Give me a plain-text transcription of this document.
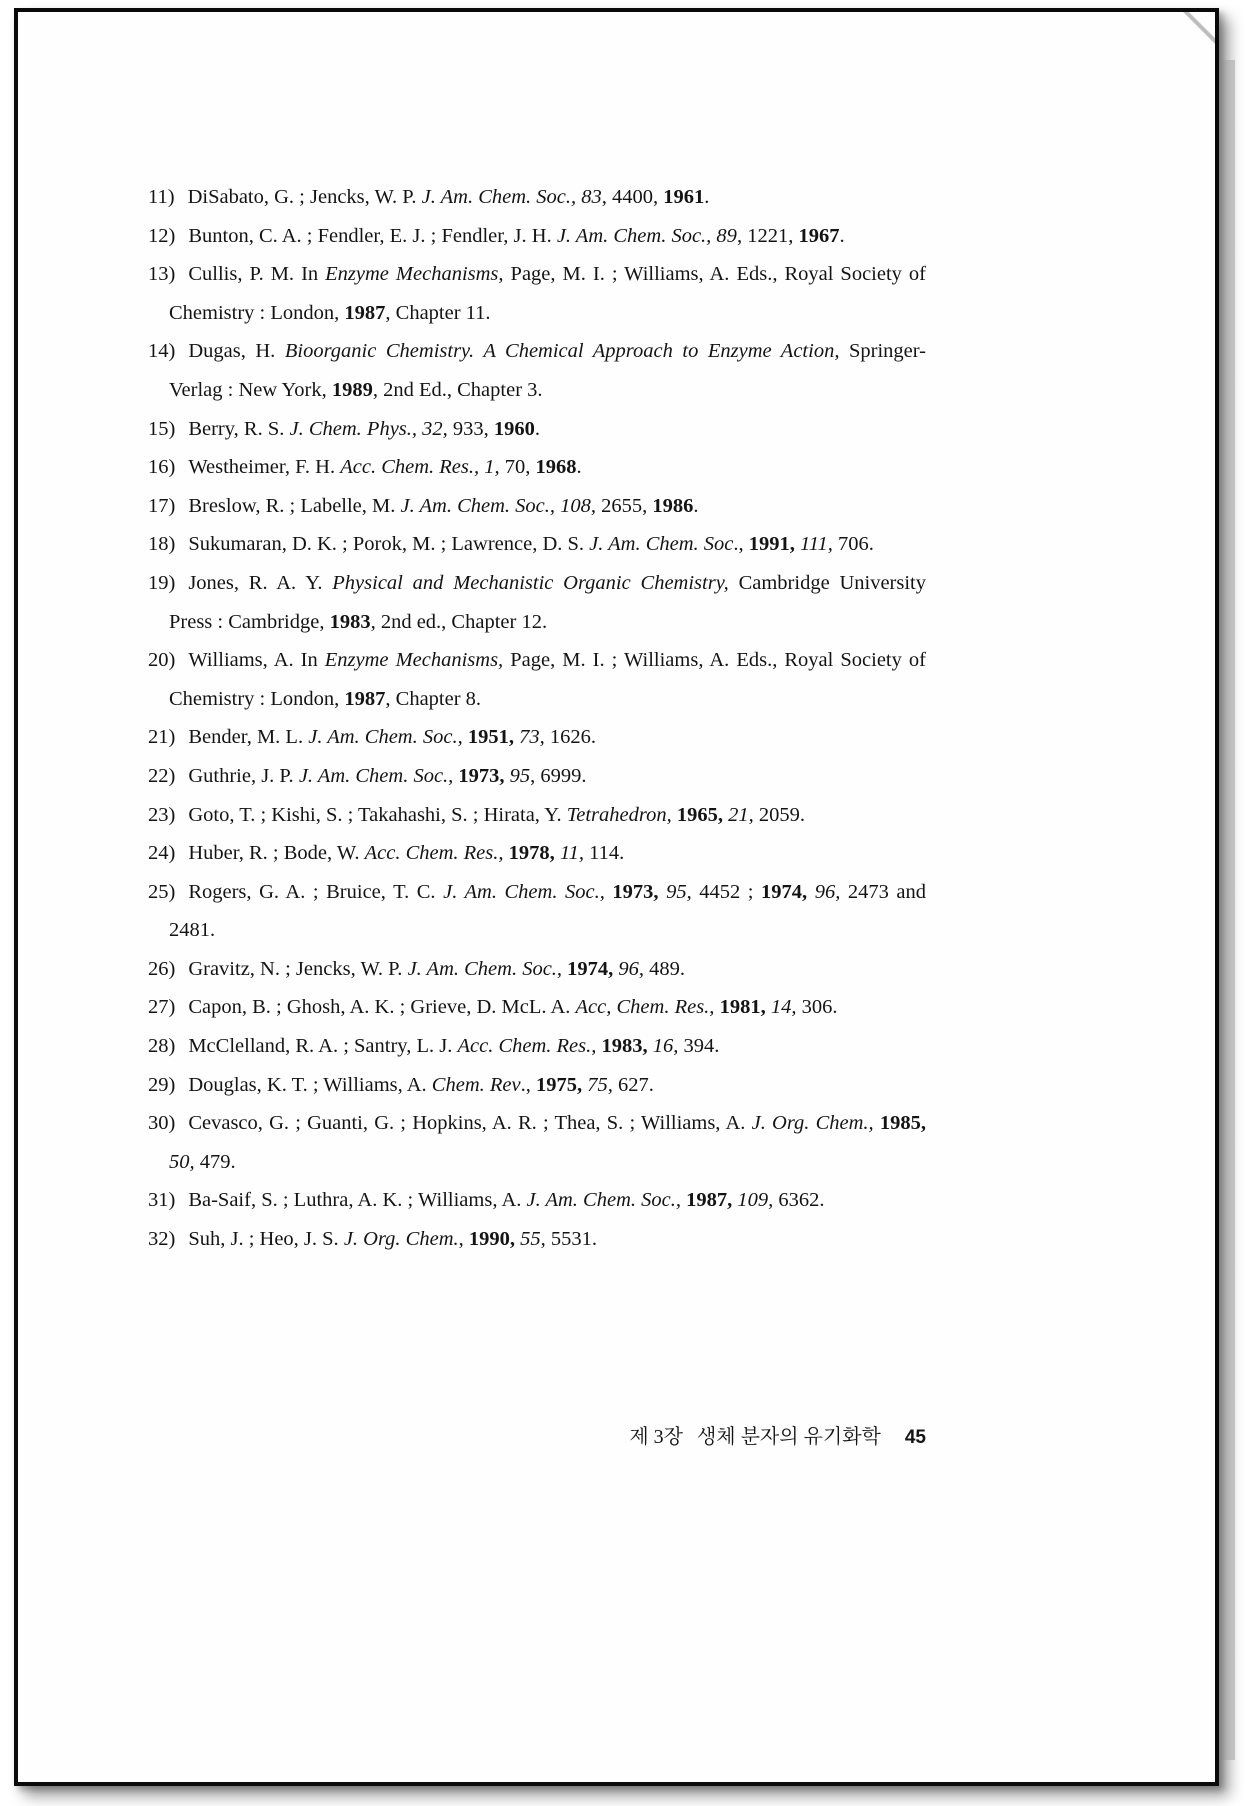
11) DiSabato, G. ; Jencks, W. P. J. Am. Chem. Soc., 83, 4400, 1961.
12) Bunton, C. A. ; Fendler, E. J. ; Fendler, J. H. J. Am. Chem. Soc., 89, 1221, 1967.
13) Cullis, P. M. In Enzyme Mechanisms, Page, M. I. ; Williams, A. Eds., Royal Society of Chemistry : London, 1987, Chapter 11.
14) Dugas, H. Bioorganic Chemistry. A Chemical Approach to Enzyme Action, Springer-Verlag : New York, 1989, 2nd Ed., Chapter 3.
15) Berry, R. S. J. Chem. Phys., 32, 933, 1960.
16) Westheimer, F. H. Acc. Chem. Res., 1, 70, 1968.
17) Breslow, R. ; Labelle, M. J. Am. Chem. Soc., 108, 2655, 1986.
18) Sukumaran, D. K. ; Porok, M. ; Lawrence, D. S. J. Am. Chem. Soc., 1991, 111, 706.
19) Jones, R. A. Y. Physical and Mechanistic Organic Chemistry, Cambridge University Press : Cambridge, 1983, 2nd ed., Chapter 12.
20) Williams, A. In Enzyme Mechanisms, Page, M. I. ; Williams, A. Eds., Royal Society of Chemistry : London, 1987, Chapter 8.
21) Bender, M. L. J. Am. Chem. Soc., 1951, 73, 1626.
22) Guthrie, J. P. J. Am. Chem. Soc., 1973, 95, 6999.
23) Goto, T. ; Kishi, S. ; Takahashi, S. ; Hirata, Y. Tetrahedron, 1965, 21, 2059.
24) Huber, R. ; Bode, W. Acc. Chem. Res., 1978, 11, 114.
25) Rogers, G. A. ; Bruice, T. C. J. Am. Chem. Soc., 1973, 95, 4452 ; 1974, 96, 2473 and 2481.
26) Gravitz, N. ; Jencks, W. P. J. Am. Chem. Soc., 1974, 96, 489.
27) Capon, B. ; Ghosh, A. K. ; Grieve, D. McL. A. Acc, Chem. Res., 1981, 14, 306.
28) McClelland, R. A. ; Santry, L. J. Acc. Chem. Res., 1983, 16, 394.
29) Douglas, K. T. ; Williams, A. Chem. Rev., 1975, 75, 627.
30) Cevasco, G. ; Guanti, G. ; Hopkins, A. R. ; Thea, S. ; Williams, A. J. Org. Chem., 1985, 50, 479.
31) Ba-Saif, S. ; Luthra, A. K. ; Williams, A. J. Am. Chem. Soc., 1987, 109, 6362.
32) Suh, J. ; Heo, J. S. J. Org. Chem., 1990, 55, 5531.
제 3장 생체 분자의 유기화학 45
